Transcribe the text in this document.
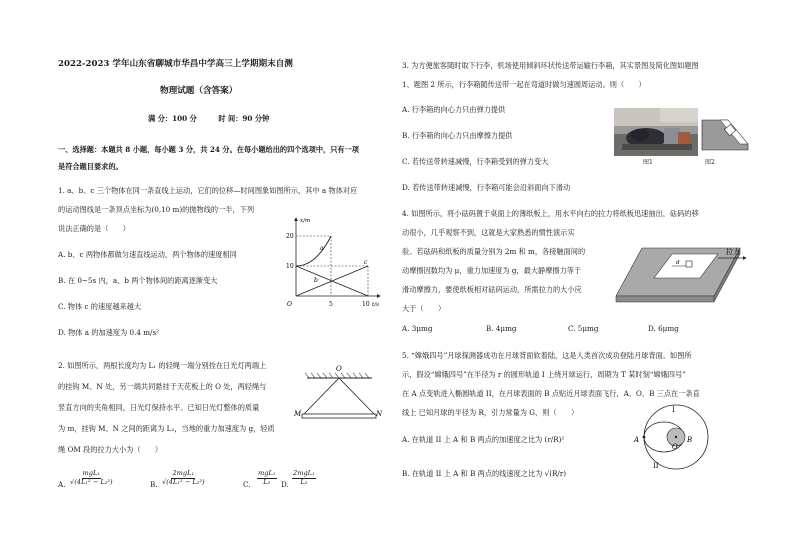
2022-2023 学年山东省聊城市华昌中学高三上学期期末自测
物理试题（含答案）
满 分：100 分　　　时 间：90 分钟
一、选择题：本题共 8 小题，每小题 3 分，共 24 分。在每小题给出的四个选项中，只有一项
是符合题目要求的。
1. a、b、c 三个物体在同一条直线上运动，它们的位移—时间图象如图所示，其中 a 物体对应
的运动图线是一条顶点坐标为(0,10 m)的抛物线的一半，下列
说法正确的是（　　）
A. b、c 两物体都做匀速直线运动，两个物体的速度相同
B. 在 0~5s 内，a、b 两个物体间的距离逐渐变大
C. 物体 c 的速度越来越大
D. 物体 a 的加速度为 0.4 m/s²
x/m
t/s
O
20
10
5	10
a
b
c
2. 如图所示，两根长度均为 L₁ 的轻绳一端分别拴在日光灯两端上
的挂钩 M、N 处，另一端共同悬挂于天花板上的 O 处，两轻绳与
竖直方向的夹角相同，日光灯保持水平。已知日光灯整体的质量
为 m，挂钩 M、N 之间的距离为 L₂，当地的重力加速度为 g，轻质
绳 OM 段的拉力大小为（　　）
O
M	N
A.
mgL₁
√(4L₁² − L₂²)	B.
2mgL₁
√(4L₁² − L₂²)	C.
mgL₁
L₂ D.
2mgL₁
L₂
3. 为方便旅客随时取下行李，机场使用倾斜环状传送带运输行李箱，其实景图及简化图如题图
1、题图 2 所示，行李箱随传送带一起在弯道时做匀速圆周运动。则（　　）
A. 行李箱的向心力只由弹力提供
B. 行李箱的向心力只由摩擦力提供
C. 若传送带转速减慢，行李箱受到的弹力变大
D. 若传送带转速减慢，行李箱可能会沿斜面向下滑动
图1	图2
4. 如图所示，将小砝码置于桌面上的薄纸板上，用水平向右的拉力将纸板迅速抽出，砝码的移
动很小，几乎观察不到，这就是大家熟悉的惯性演示实
验。若砝码和纸板的质量分别为 2m 和 m，各接触面间的
动摩擦因数均为 μ，重力加速度为 g，最大静摩擦力等于
滑动摩擦力，要使纸板相对砝码运动，所需拉力的大小应
大于（　　）
A. 3μmg	B. 4μmg	C. 5μmg	D. 6μmg
拉力
d
5. “嫦娥四号”月球探测器成功在月球背面软着陆，这是人类首次成功登陆月球背面。如图所
示，假设“嫦娥四号”在半径为 r 的圆形轨道 I 上绕月球运行，周期为 T 某时刻“嫦娥四号”
在 A 点变轨进入椭圆轨道 II，在月球表面的 B 点贴近月球表面飞行，A、O、B 三点在一条直
线上 已知月球的半径为 R，引力常量为 G，则（　　）
A. 在轨道 II 上 A 和 B 两点的加速度之比为 (r/R)²
B. 在轨道 II 上 A 和 B 两点的线速度之比为 √(R/r)
I
II
A	B
O
